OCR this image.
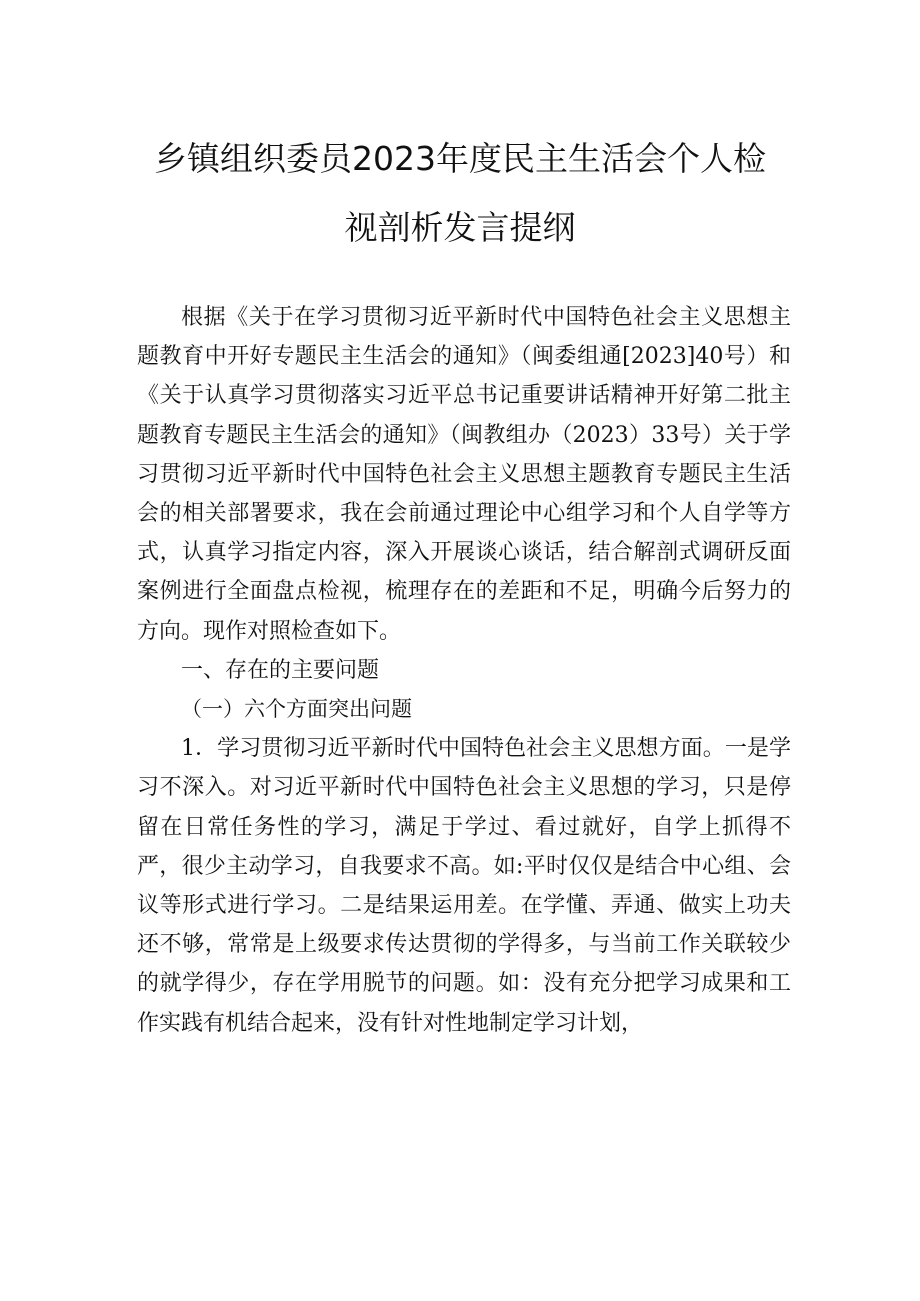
乡镇组织委员2023年度民主生活会个人检
视剖析发言提纲

根据《关于在学习贯彻习近平新时代中国特色社会主义思想主题教育中开好专题民主生活会的通知》（闽委组通[2023]40号）和《关于认真学习贯彻落实习近平总书记重要讲话精神开好第二批主题教育专题民主生活会的通知》（闽教组办（2023）33号）关于学习贯彻习近平新时代中国特色社会主义思想主题教育专题民主生活会的相关部署要求，我在会前通过理论中心组学习和个人自学等方式，认真学习指定内容，深入开展谈心谈话，结合解剖式调研反面案例进行全面盘点检视，梳理存在的差距和不足，明确今后努力的方向。现作对照检查如下。

一、存在的主要问题

（一）六个方面突出问题

1．学习贯彻习近平新时代中国特色社会主义思想方面。一是学习不深入。对习近平新时代中国特色社会主义思想的学习，只是停留在日常任务性的学习，满足于学过、看过就好，自学上抓得不严，很少主动学习，自我要求不高。如:平时仅仅是结合中心组、会议等形式进行学习。二是结果运用差。在学懂、弄通、做实上功夫还不够，常常是上级要求传达贯彻的学得多，与当前工作关联较少的就学得少，存在学用脱节的问题。如：没有充分把学习成果和工作实践有机结合起来，没有针对性地制定学习计划，
